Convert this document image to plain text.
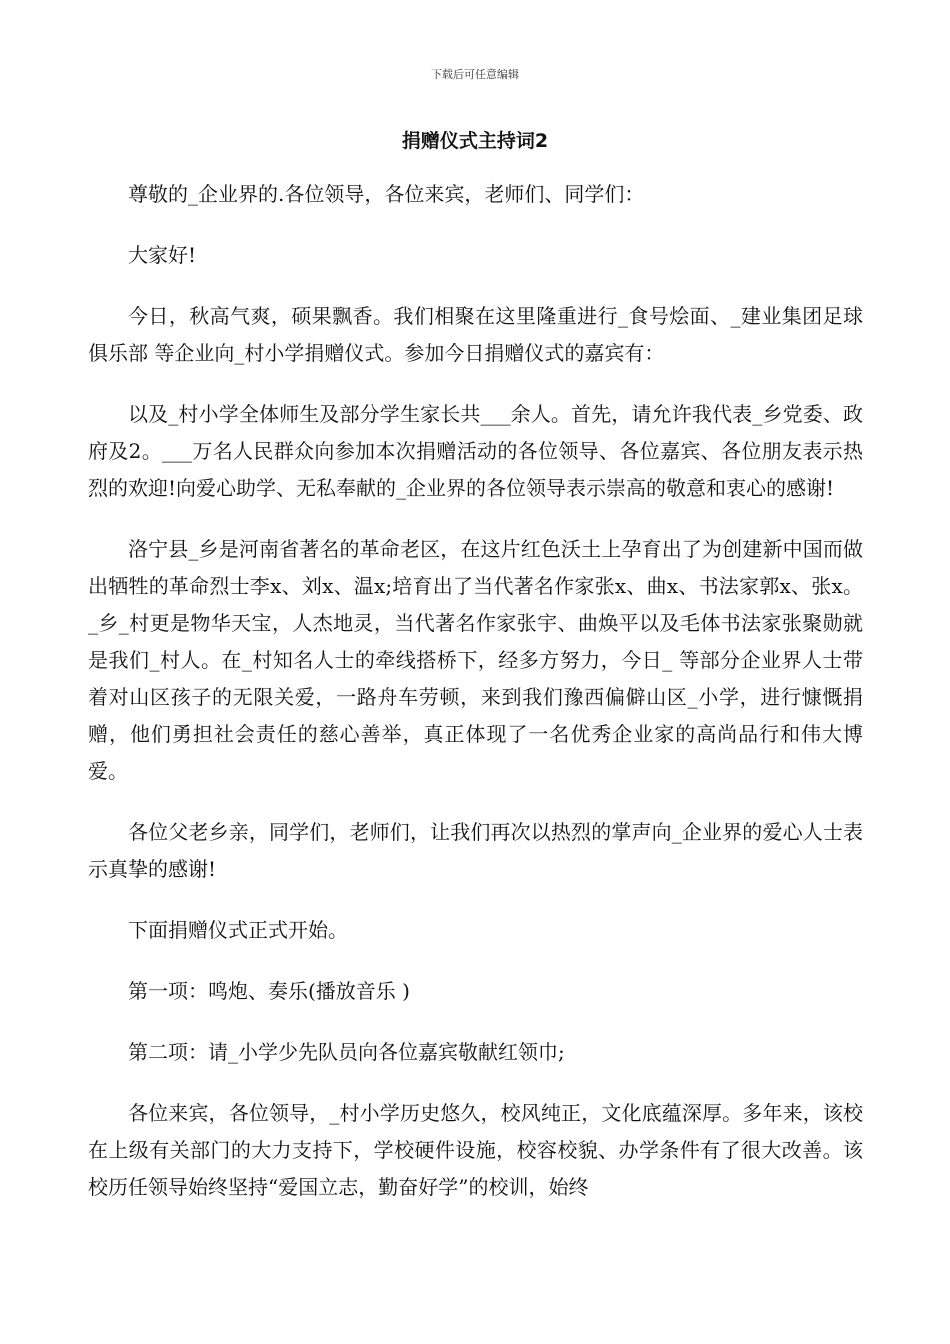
下载后可任意编辑
捐赠仪式主持词2

尊敬的_企业界的.各位领导，各位来宾，老师们、同学们：

大家好!

今日，秋高气爽，硕果飘香。我们相聚在这里隆重进行_食号烩面、_建业集团足球俱乐部 等企业向_村小学捐赠仪式。参加今日捐赠仪式的嘉宾有：

以及_村小学全体师生及部分学生家长共___余人。首先，请允许我代表_乡党委、政府及2。___万名人民群众向参加本次捐赠活动的各位领导、各位嘉宾、各位朋友表示热烈的欢迎!向爱心助学、无私奉献的_企业界的各位领导表示崇高的敬意和衷心的感谢!

洛宁县_乡是河南省著名的革命老区，在这片红色沃土上孕育出了为创建新中国而做出牺牲的革命烈士李x、刘x、温x;培育出了当代著名作家张x、曲x、书法家郭x、张x。_乡_村更是物华天宝，人杰地灵，当代著名作家张宇、曲焕平以及毛体书法家张聚勋就是我们_村人。在_村知名人士的牵线搭桥下，经多方努力，今日_ 等部分企业界人士带着对山区孩子的无限关爱，一路舟车劳顿，来到我们豫西偏僻山区_小学，进行慷慨捐赠，他们勇担社会责任的慈心善举，真正体现了一名优秀企业家的高尚品行和伟大博爱。

各位父老乡亲，同学们，老师们，让我们再次以热烈的掌声向_企业界的爱心人士表示真挚的感谢!

下面捐赠仪式正式开始。

第一项：鸣炮、奏乐(播放音乐 )

第二项：请_小学少先队员向各位嘉宾敬献红领巾;

各位来宾，各位领导，_村小学历史悠久，校风纯正，文化底蕴深厚。多年来，该校在上级有关部门的大力支持下，学校硬件设施，校容校貌、办学条件有了很大改善。该校历任领导始终坚持“爱国立志，勤奋好学”的校训，始终
